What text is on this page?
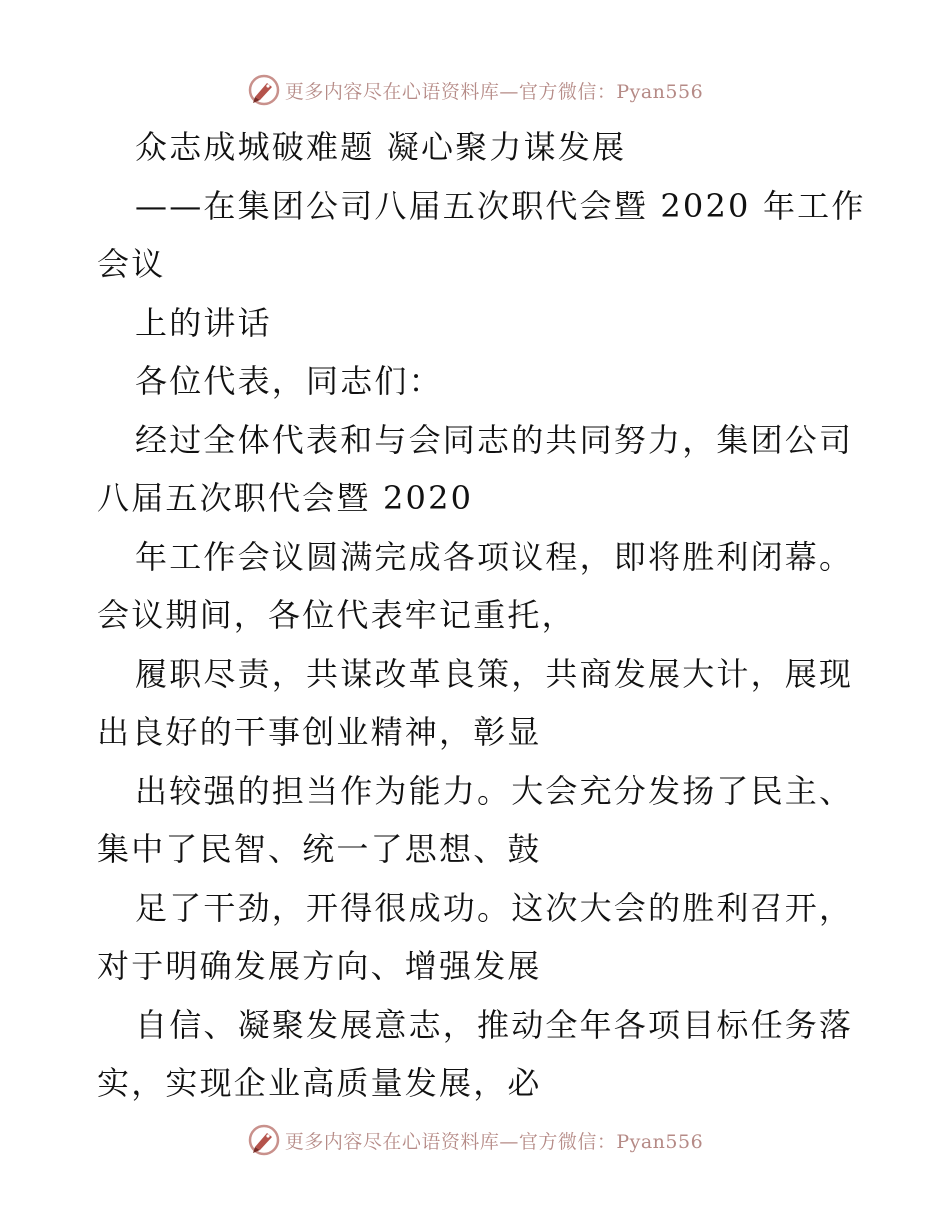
更多内容尽在心语资料库—官方微信：Pyan556
众志成城破难题 凝心聚力谋发展
——在集团公司八届五次职代会暨 2020 年工作
会议
上的讲话
各位代表，同志们：
经过全体代表和与会同志的共同努力，集团公司
八届五次职代会暨 2020
年工作会议圆满完成各项议程，即将胜利闭幕。
会议期间，各位代表牢记重托，
履职尽责，共谋改革良策，共商发展大计，展现
出良好的干事创业精神，彰显
出较强的担当作为能力。大会充分发扬了民主、
集中了民智、统一了思想、鼓
足了干劲，开得很成功。这次大会的胜利召开，
对于明确发展方向、增强发展
自信、凝聚发展意志，推动全年各项目标任务落
实，实现企业高质量发展，必
更多内容尽在心语资料库—官方微信：Pyan556
